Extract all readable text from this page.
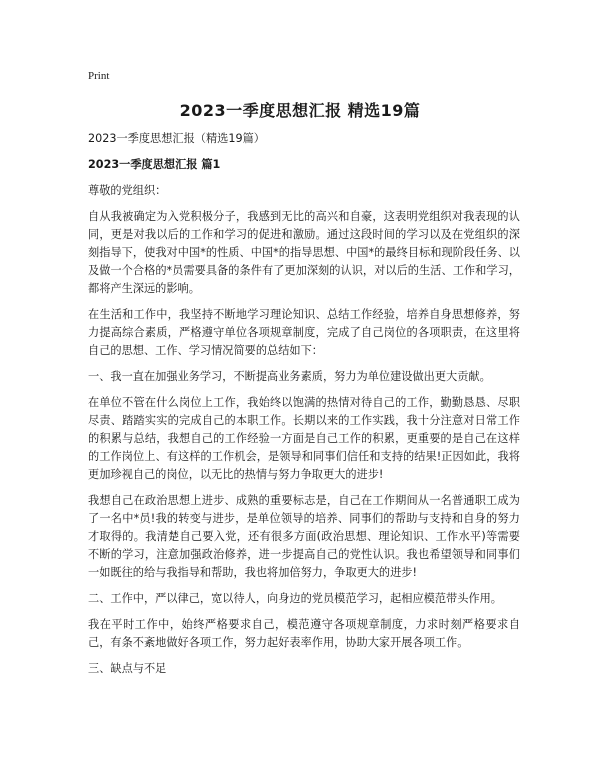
Print
2023一季度思想汇报 精选19篇

2023一季度思想汇报（精选19篇）

2023一季度思想汇报 篇1

尊敬的党组织：

自从我被确定为入党积极分子，我感到无比的高兴和自豪，这表明党组织对我表现的认同，更是对我以后的工作和学习的促进和激励。通过这段时间的学习以及在党组织的深刻指导下，使我对中国*的性质、中国*的指导思想、中国*的最终目标和现阶段任务、以及做一个合格的*员需要具备的条件有了更加深刻的认识，对以后的生活、工作和学习，都将产生深远的影响。

在生活和工作中，我坚持不断地学习理论知识、总结工作经验，培养自身思想修养，努力提高综合素质，严格遵守单位各项规章制度，完成了自己岗位的各项职责，在这里将自己的思想、工作、学习情况简要的总结如下：

一、我一直在加强业务学习，不断提高业务素质，努力为单位建设做出更大贡献。

在单位不管在什么岗位上工作，我始终以饱满的热情对待自己的工作，勤勤恳恳、尽职尽责、踏踏实实的完成自己的本职工作。长期以来的工作实践，我十分注意对日常工作的积累与总结，我想自己的工作经验一方面是自己工作的积累，更重要的是自己在这样的工作岗位上、有这样的工作机会，是领导和同事们信任和支持的结果!正因如此，我将更加珍视自己的岗位，以无比的热情与努力争取更大的进步!

我想自己在政治思想上进步、成熟的重要标志是，自己在工作期间从一名普通职工成为了一名中*员!我的转变与进步，是单位领导的培养、同事们的帮助与支持和自身的努力才取得的。我清楚自己要入党，还有很多方面(政治思想、理论知识、工作水平)等需要不断的学习，注意加强政治修养，进一步提高自己的党性认识。我也希望领导和同事们一如既往的给与我指导和帮助，我也将加倍努力，争取更大的进步!

二、工作中，严以律己，宽以待人，向身边的党员模范学习，起相应模范带头作用。

我在平时工作中，始终严格要求自己，模范遵守各项规章制度，力求时刻严格要求自己，有条不紊地做好各项工作，努力起好表率作用，协助大家开展各项工作。

三、缺点与不足
